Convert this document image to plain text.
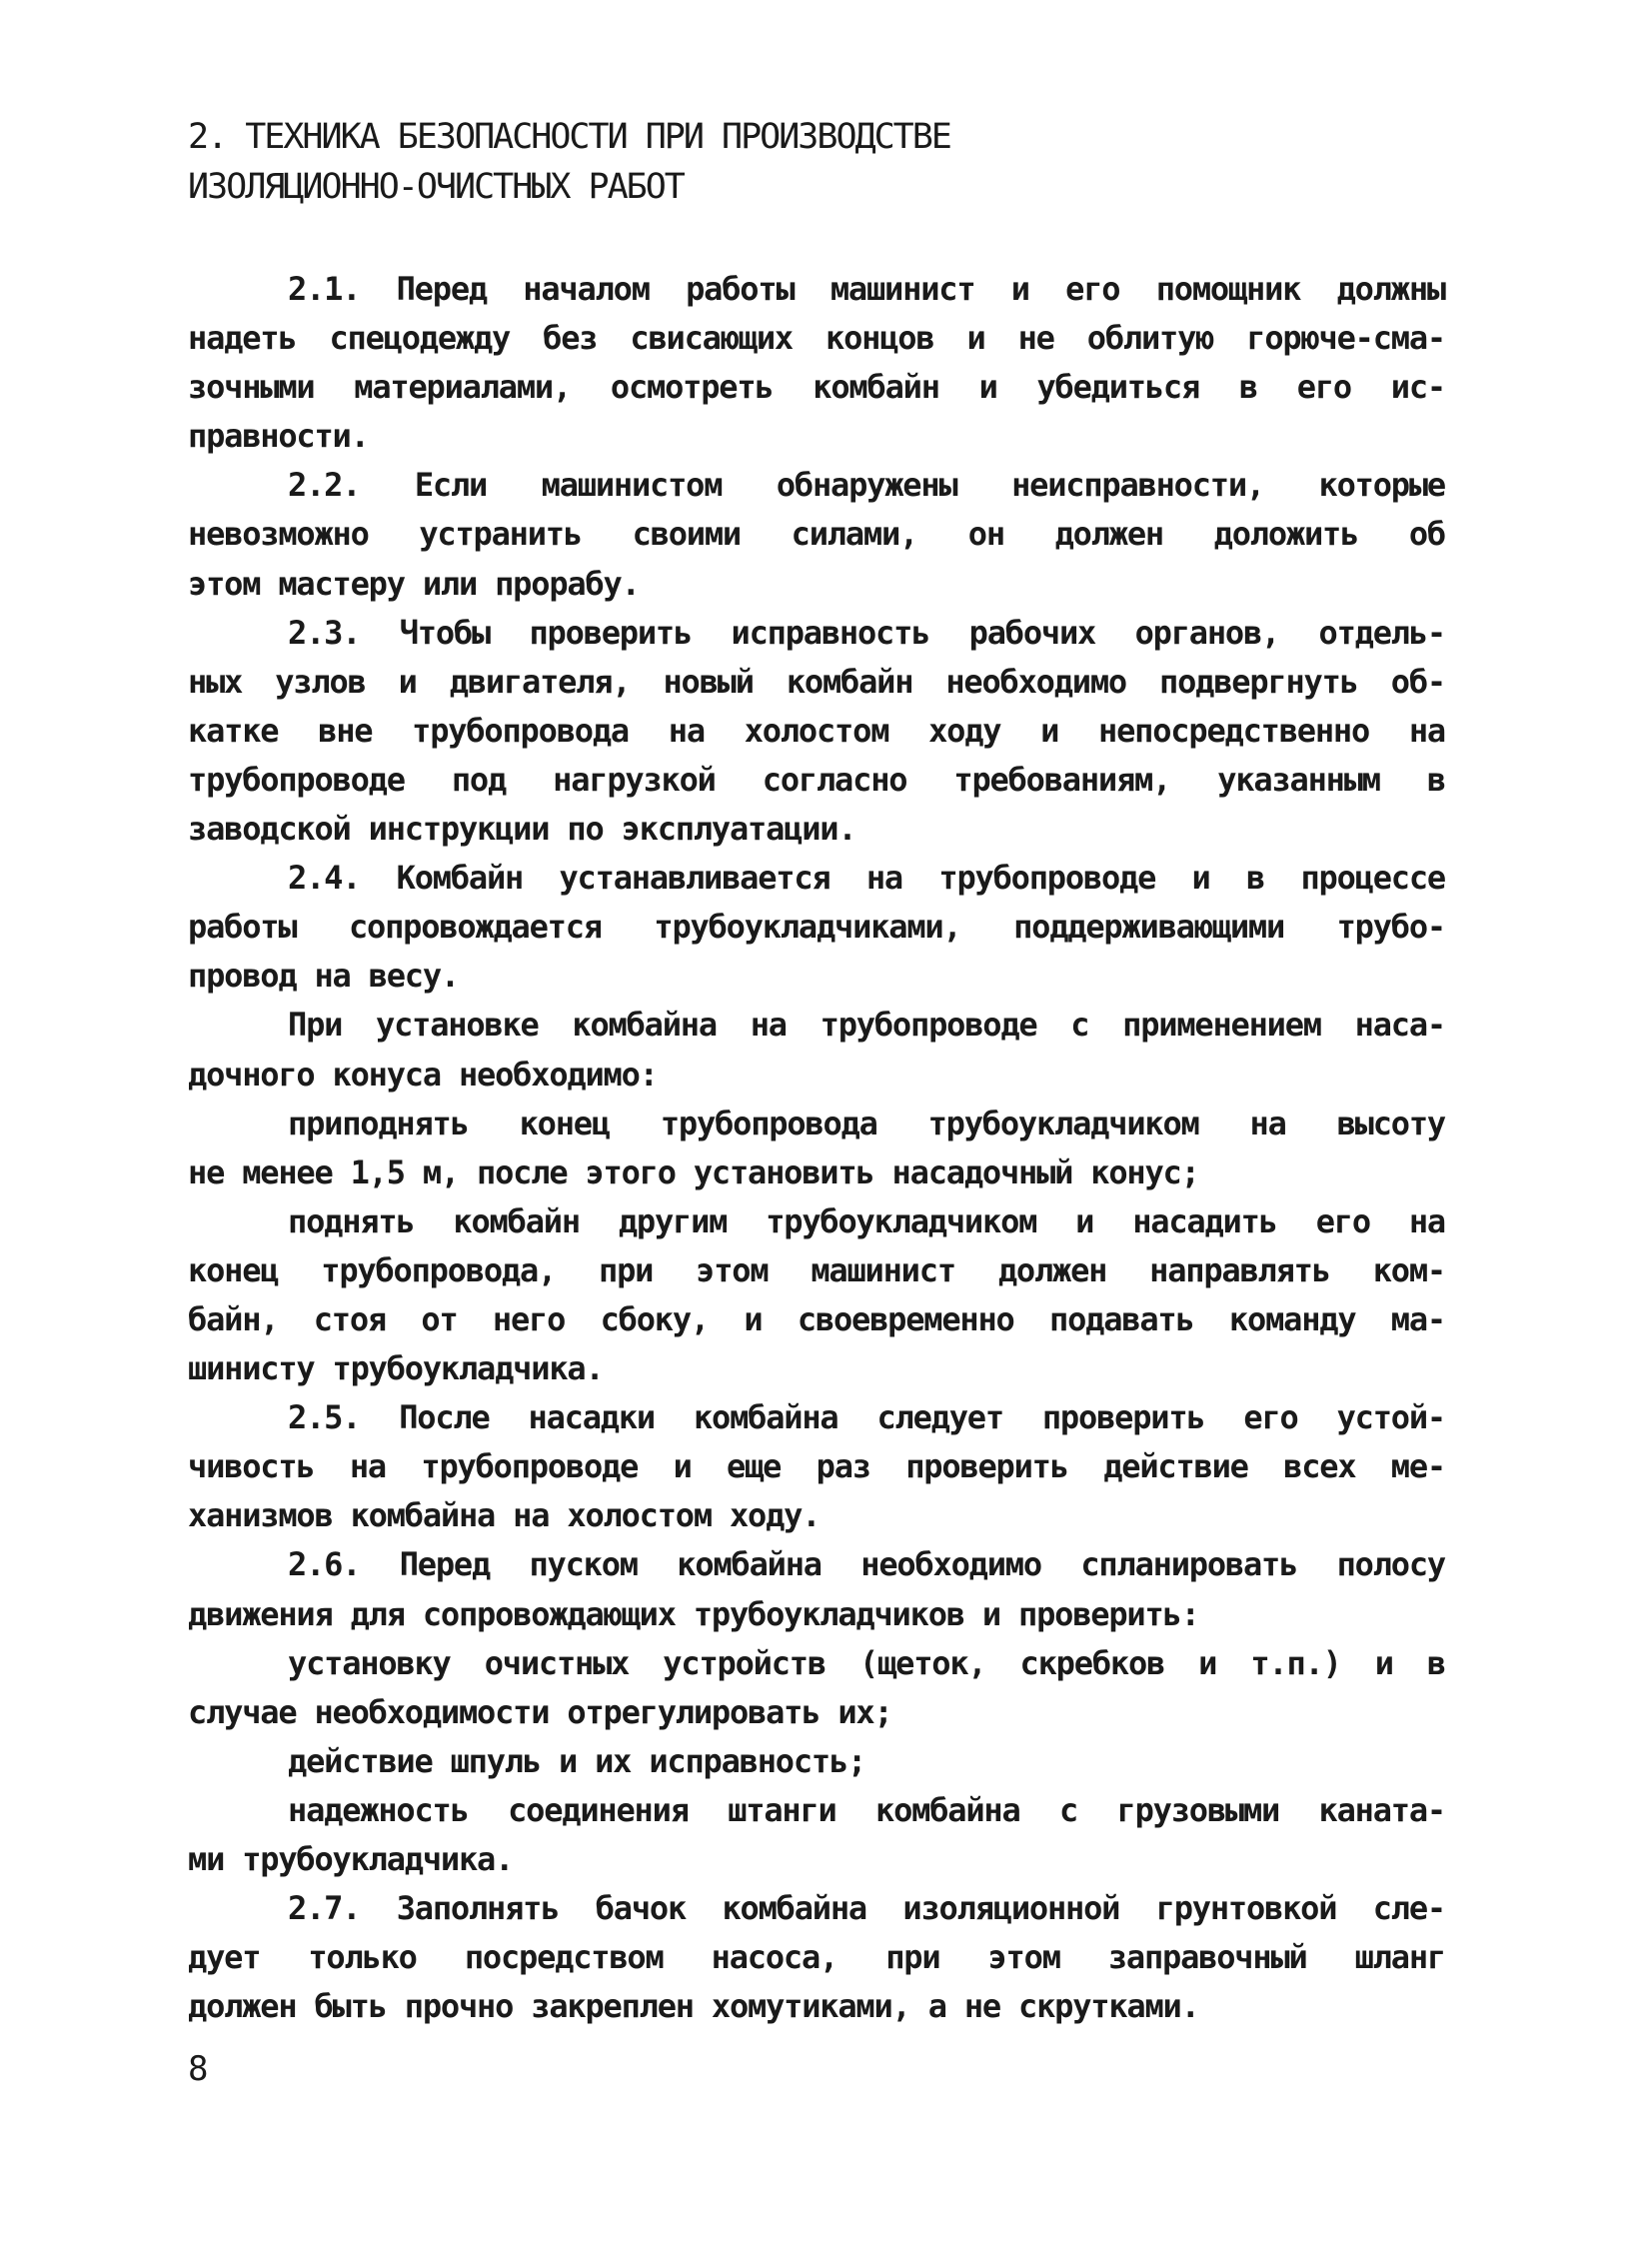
2. ТЕХНИКА БЕЗОПАСНОСТИ ПРИ ПРОИЗВОДСТВЕ
ИЗОЛЯЦИОННО-ОЧИСТНЫХ РАБОТ
2.1. Перед началом работы машинист и его помощник должны
надеть спецодежду без свисающих концов и не облитую горюче-сма-
зочными материалами, осмотреть комбайн и убедиться в его ис-
правности.
2.2. Если машинистом обнаружены неисправности, которые
невозможно устранить своими силами, он должен доложить об
этом мастеру или прорабу.
2.3. Чтобы проверить исправность рабочих органов, отдель-
ных узлов и двигателя, новый комбайн необходимо подвергнуть об-
катке вне трубопровода на холостом ходу и непосредственно на
трубопроводе под нагрузкой согласно требованиям, указанным в
заводской инструкции по эксплуатации.
2.4. Комбайн устанавливается на трубопроводе и в процессе
работы сопровождается трубоукладчиками, поддерживающими трубо-
провод на весу.
При установке комбайна на трубопроводе с применением наса-
дочного конуса необходимо:
приподнять конец трубопровода трубоукладчиком на высоту
не менее 1,5 м, после этого установить насадочный конус;
поднять комбайн другим трубоукладчиком и насадить его на
конец трубопровода, при этом машинист должен направлять ком-
байн, стоя от него сбоку, и своевременно подавать команду ма-
шинисту трубоукладчика.
2.5. После насадки комбайна следует проверить его устой-
чивость на трубопроводе и еще раз проверить действие всех ме-
ханизмов комбайна на холостом ходу.
2.6. Перед пуском комбайна необходимо спланировать полосу
движения для сопровождающих трубоукладчиков и проверить:
установку очистных устройств (щеток, скребков и т.п.) и в
случае необходимости отрегулировать их;
действие шпуль и их исправность;
надежность соединения штанги комбайна с грузовыми каната-
ми трубоукладчика.
2.7. Заполнять бачок комбайна изоляционной грунтовкой сле-
дует только посредством насоса, при этом заправочный шланг
должен быть прочно закреплен хомутиками, а не скрутками.
8
